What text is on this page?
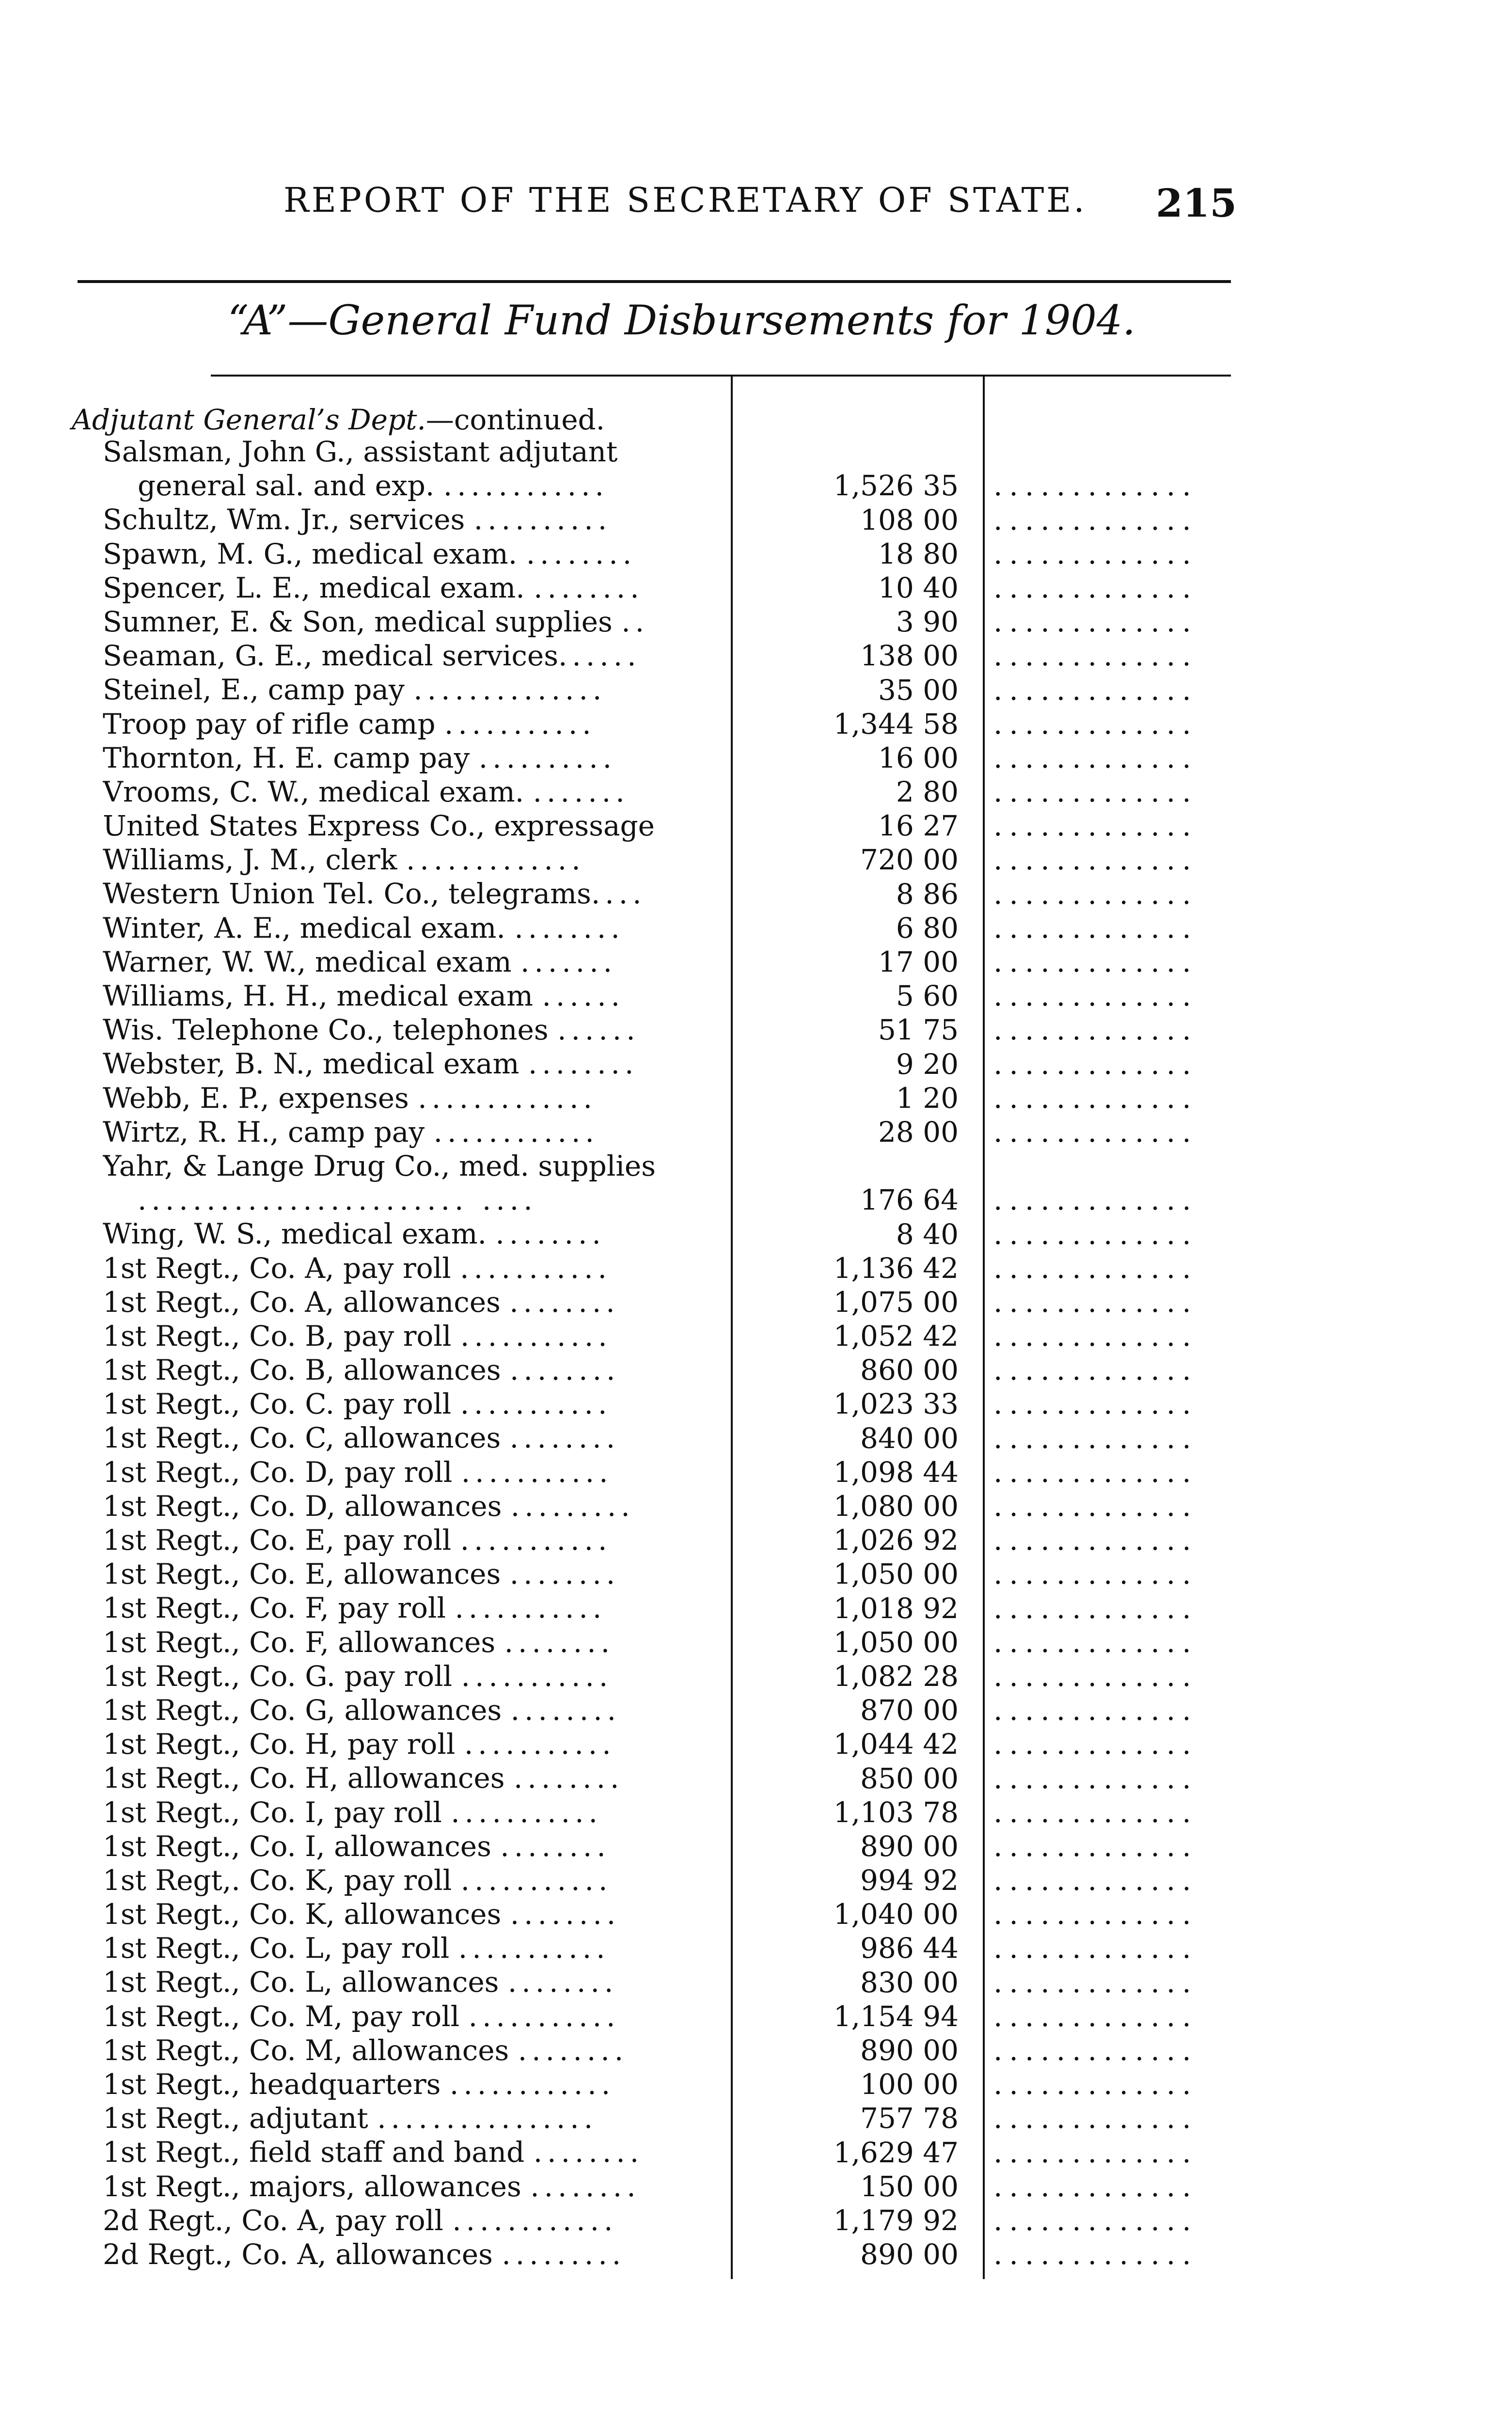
REPORT OF THE SECRETARY OF STATE. 215
“A”—General Fund Disbursements for 1904.
Adjutant General’s Dept.—continued.
Salsman, John G., assistant adjutant general sal. and exp. ............	1,526 35 .............
Schultz, Wm. Jr., services ..........	108 00 .............
Spawn, M. G., medical exam. ........	18 80 .............
Spencer, L. E., medical exam. ........	10 40 .............
Sumner, E. & Son, medical supplies ..	3 90 .............
Seaman, G. E., medical services......	138 00 .............
Steinel, E., camp pay ..............	35 00 .............
Troop pay of rifle camp ...........	1,344 58 .............
Thornton, H. E. camp pay ..........	16 00 .............
Vrooms, C. W., medical exam. .......	2 80 .............
United States Express Co., expressage	16 27 .............
Williams, J. M., clerk .............	720 00 .............
Western Union Tel. Co., telegrams....	8 86 .............
Winter, A. E., medical exam. ........	6 80 .............
Warner, W. W., medical exam .......	17 00 .............
Williams, H. H., medical exam ......	5 60 .............
Wis. Telephone Co., telephones ......	51 75 .............
Webster, B. N., medical exam ........	9 20 .............
Webb, E. P., expenses .............	1 20 .............
Wirtz, R. H., camp pay ............	28 00 .............
Yahr, & Lange Drug Co., med. supplies ........................ ....	176 64 .............
Wing, W. S., medical exam. ........	8 40 .............
1st Regt., Co. A, pay roll ...........	1,136 42 .............
1st Regt., Co. A, allowances ........	1,075 00 .............
1st Regt., Co. B, pay roll ...........	1,052 42 .............
1st Regt., Co. B, allowances ........	860 00 .............
1st Regt., Co. C. pay roll ...........	1,023 33 .............
1st Regt., Co. C, allowances ........	840 00 .............
1st Regt., Co. D, pay roll ...........	1,098 44 .............
1st Regt., Co. D, allowances .........	1,080 00 .............
1st Regt., Co. E, pay roll ...........	1,026 92 .............
1st Regt., Co. E, allowances ........	1,050 00 .............
1st Regt., Co. F, pay roll ...........	1,018 92 .............
1st Regt., Co. F, allowances ........	1,050 00 .............
1st Regt., Co. G. pay roll ...........	1,082 28 .............
1st Regt., Co. G, allowances ........	870 00 .............
1st Regt., Co. H, pay roll ...........	1,044 42 .............
1st Regt., Co. H, allowances ........	850 00 .............
1st Regt., Co. I, pay roll ...........	1,103 78 .............
1st Regt., Co. I, allowances ........	890 00 .............
1st Regt,. Co. K, pay roll ...........	994 92 .............
1st Regt., Co. K, allowances ........	1,040 00 .............
1st Regt., Co. L, pay roll ...........	986 44 .............
1st Regt., Co. L, allowances ........	830 00 .............
1st Regt., Co. M, pay roll ...........	1,154 94 .............
1st Regt., Co. M, allowances ........	890 00 .............
1st Regt., headquarters ............	100 00 .............
1st Regt., adjutant ................	757 78 .............
1st Regt., field staff and band ........	1,629 47 .............
1st Regt., majors, allowances ........	150 00 .............
2d Regt., Co. A, pay roll ............	1,179 92 .............
2d Regt., Co. A, allowances .........	890 00 .............
